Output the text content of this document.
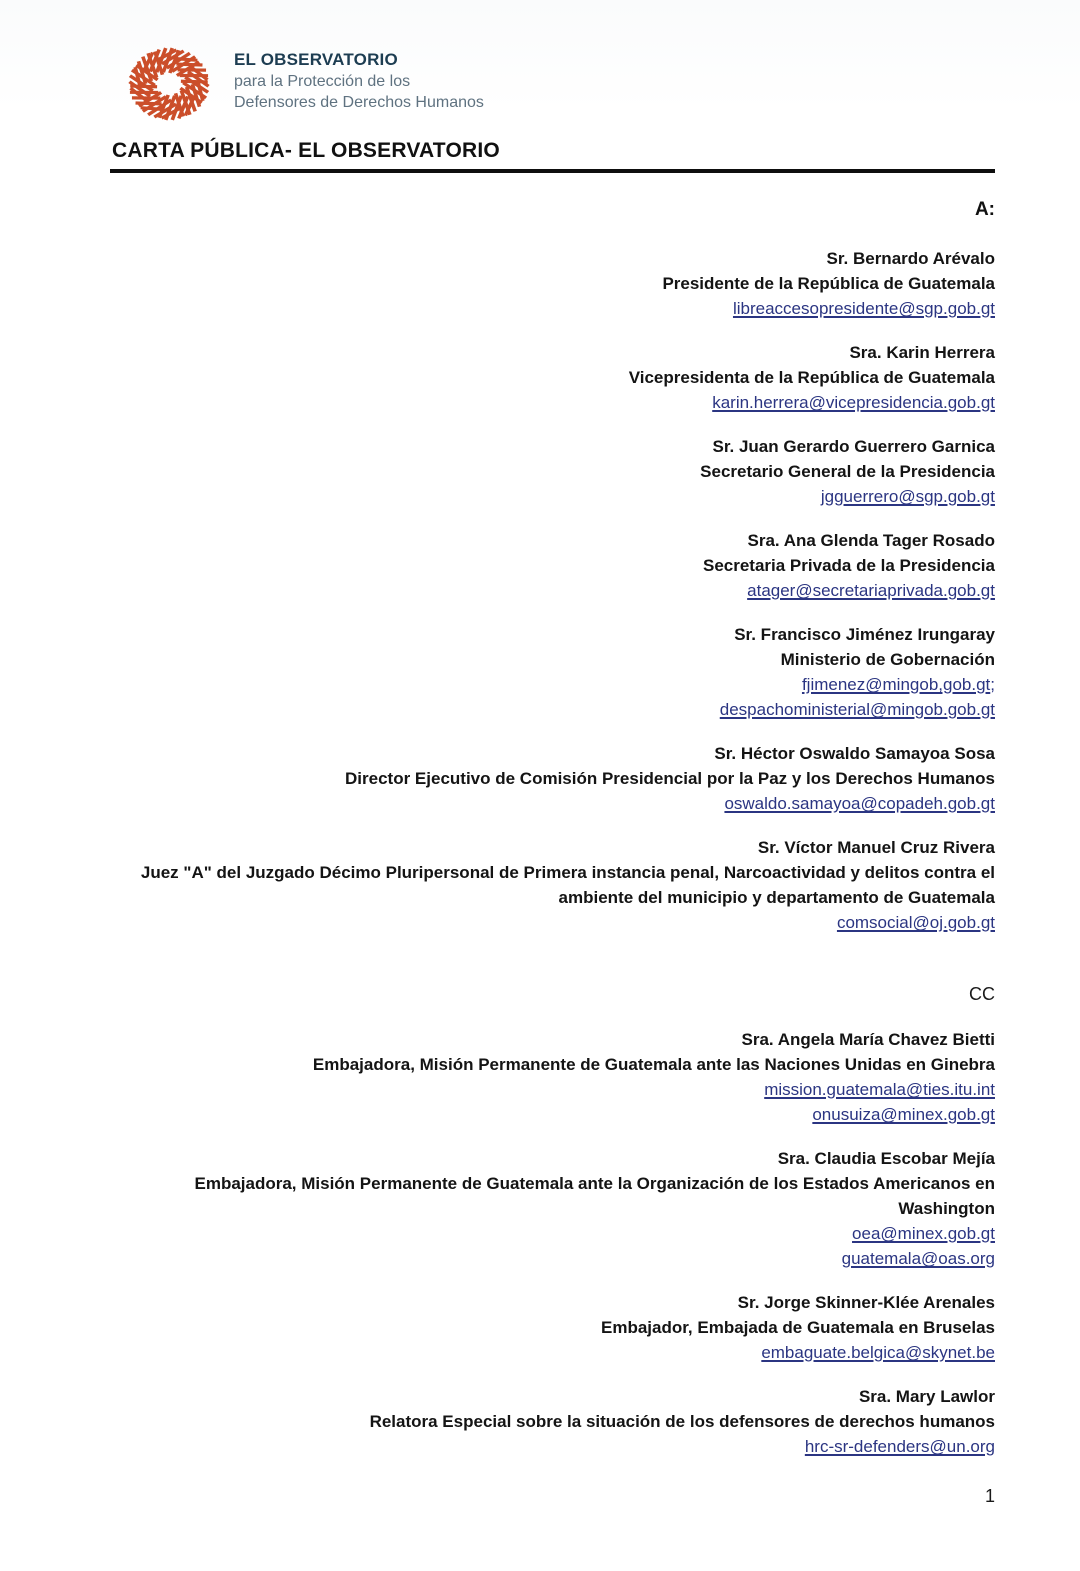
EL OBSERVATORIO
para la Protección de los
Defensores de Derechos Humanos
CARTA PÚBLICA- EL OBSERVATORIO
A:
Sr. Bernardo Arévalo
Presidente de la República de Guatemala
libreaccesopresidente@sgp.gob.gt
Sra. Karin Herrera
Vicepresidenta de la República de Guatemala
karin.herrera@vicepresidencia.gob.gt
Sr. Juan Gerardo Guerrero Garnica
Secretario General de la Presidencia
jgguerrero@sgp.gob.gt
Sra. Ana Glenda Tager Rosado
Secretaria Privada de la Presidencia
atager@secretariaprivada.gob.gt
Sr. Francisco Jiménez Irungaray
Ministerio de Gobernación
fjimenez@mingob,gob.gt;
despachoministerial@mingob.gob.gt
Sr. Héctor Oswaldo Samayoa Sosa
Director Ejecutivo de Comisión Presidencial por la Paz y los Derechos Humanos
oswaldo.samayoa@copadeh.gob.gt
Sr. Víctor Manuel Cruz Rivera
Juez "A" del Juzgado Décimo Pluripersonal de Primera instancia penal, Narcoactividad y delitos contra el ambiente del municipio y departamento de Guatemala
comsocial@oj.gob.gt
CC
Sra. Angela María Chavez Bietti
Embajadora, Misión Permanente de Guatemala ante las Naciones Unidas en Ginebra
mission.guatemala@ties.itu.int
onusuiza@minex.gob.gt
Sra. Claudia Escobar Mejía
Embajadora, Misión Permanente de Guatemala ante la Organización de los Estados Americanos en Washington
oea@minex.gob.gt
guatemala@oas.org
Sr. Jorge Skinner-Klée Arenales
Embajador, Embajada de Guatemala en Bruselas
embaguate.belgica@skynet.be
Sra. Mary Lawlor
Relatora Especial sobre la situación de los defensores de derechos humanos
hrc-sr-defenders@un.org
1
